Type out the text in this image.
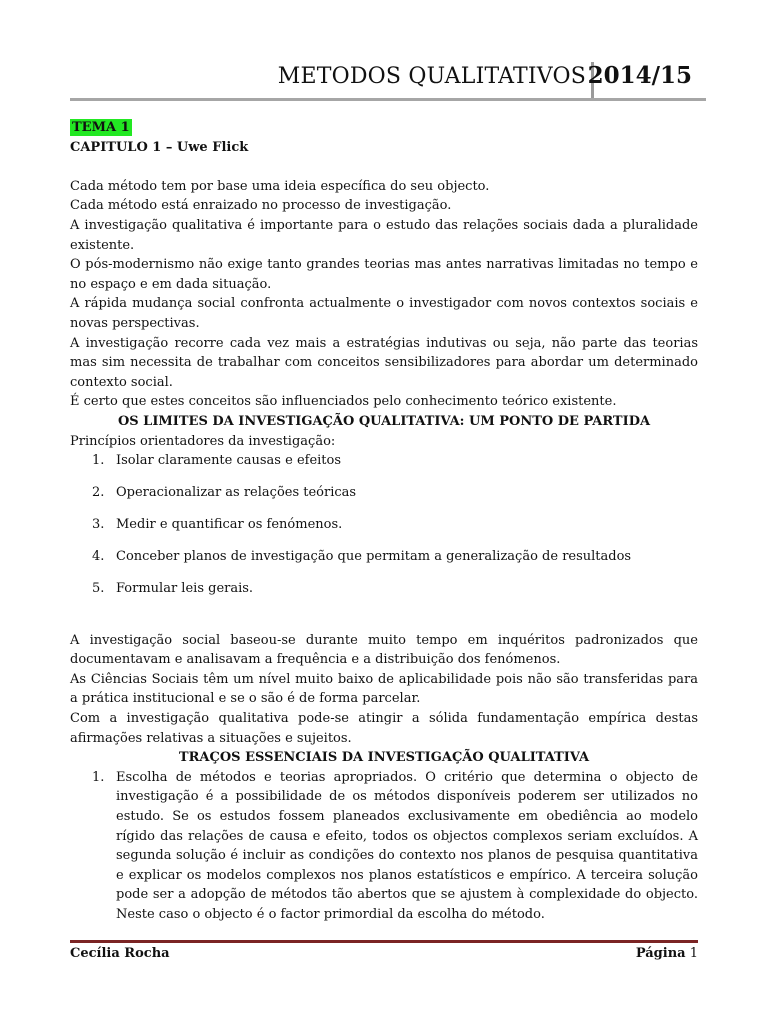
METODOS QUALITATIVOS 2014/15
TEMA 1

CAPITULO 1 – Uwe Flick

Cada método tem por base uma ideia específica do seu objecto.

Cada método está enraizado no processo de investigação.

A investigação qualitativa é importante para o estudo das relações sociais dada a pluralidade existente.

O pós-modernismo não exige tanto grandes teorias mas antes narrativas limitadas no tempo e no espaço e em dada situação.

A rápida mudança social confronta actualmente o investigador com novos contextos sociais e novas perspectivas.

A investigação recorre cada vez mais a estratégias indutivas ou seja, não parte das teorias mas sim necessita de trabalhar com conceitos sensibilizadores para abordar um determinado contexto social.

É certo que estes conceitos são influenciados pelo conhecimento teórico existente.

OS LIMITES DA INVESTIGAÇÃO QUALITATIVA: UM PONTO DE PARTIDA

Princípios orientadores da investigação:

1. Isolar claramente causas e efeitos
2. Operacionalizar as relações teóricas
3. Medir e quantificar os fenómenos.
4. Conceber planos de investigação que permitam a generalização de resultados
5. Formular leis gerais.

A investigação social baseou-se durante muito tempo em inquéritos padronizados que documentavam e analisavam a frequência e a distribuição dos fenómenos.

As Ciências Sociais têm um nível muito baixo de aplicabilidade pois não são transferidas para a prática institucional e se o são é de forma parcelar.

Com a investigação qualitativa pode-se atingir a sólida fundamentação empírica destas afirmações relativas a situações e sujeitos.

TRAÇOS ESSENCIAIS DA INVESTIGAÇÃO QUALITATIVA

1. Escolha de métodos e teorias apropriados. O critério que determina o objecto de investigação é a possibilidade de os métodos disponíveis poderem ser utilizados no estudo. Se os estudos fossem planeados exclusivamente em obediência ao modelo rígido das relações de causa e efeito, todos os objectos complexos seriam excluídos. A segunda solução é incluir as condições do contexto nos planos de pesquisa quantitativa e explicar os modelos complexos nos planos estatísticos e empírico. A terceira solução pode ser a adopção de métodos tão abertos que se ajustem à complexidade do objecto. Neste caso o objecto é o factor primordial da escolha do método.
Cecília Rocha	Página 1
